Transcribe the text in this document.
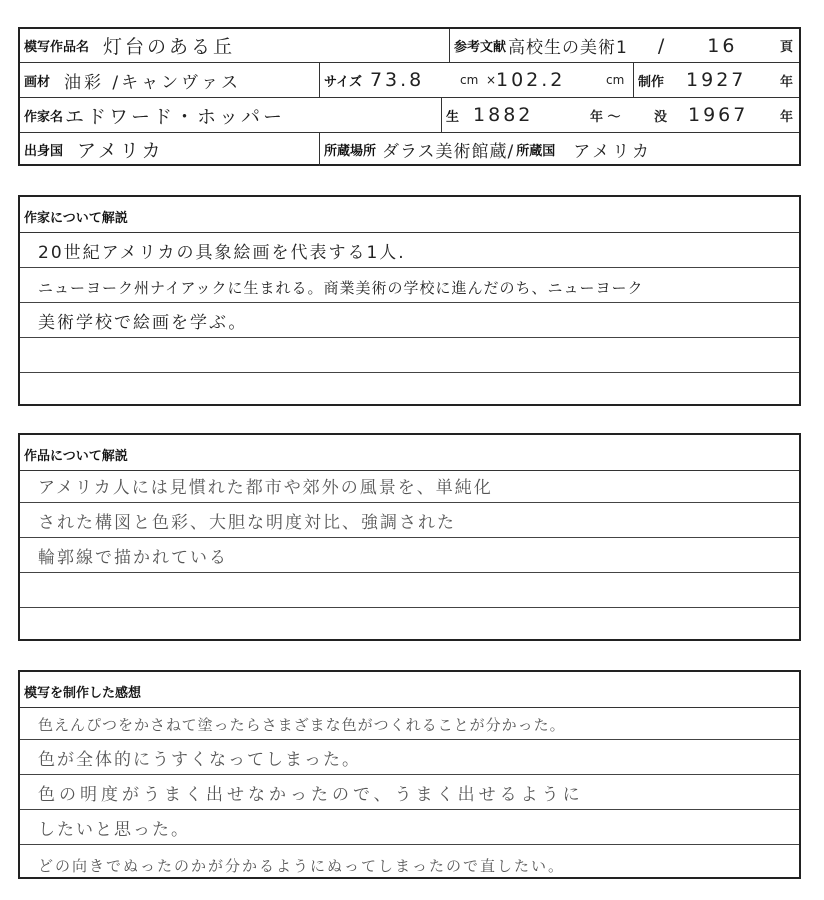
模写作品名 灯台のある丘	参考文献 高校生の美術1 / 16	頁
画材 油彩 /キャンヴァス	サイズ 73.8	cm × 102.2	cm 制作 1927	年
作家名 エドワード・ホッパー	生 1882	年 ～	没 1967 年
出身国 アメリカ	所蔵場所 ダラス美術館蔵/ 所蔵国 アメリカ
作家について解説
20世紀アメリカの具象絵画を代表する1人.
ニューヨーク州ナイアックに生まれる。商業美術の学校に進んだのち、ニューヨーク
美術学校で絵画を学ぶ。
作品について解説
アメリカ人には見慣れた都市や郊外の風景を、単純化
された構図と色彩、大胆な明度対比、強調された
輪郭線で描かれている
模写を制作した感想
色えんぴつをかさねて塗ったらさまざまな色がつくれることが分かった。
色が全体的にうすくなってしまった。
色の明度がうまく出せなかったので、うまく出せるように
したいと思った。
どの向きでぬったのかが分かるようにぬってしまったので直したい。
